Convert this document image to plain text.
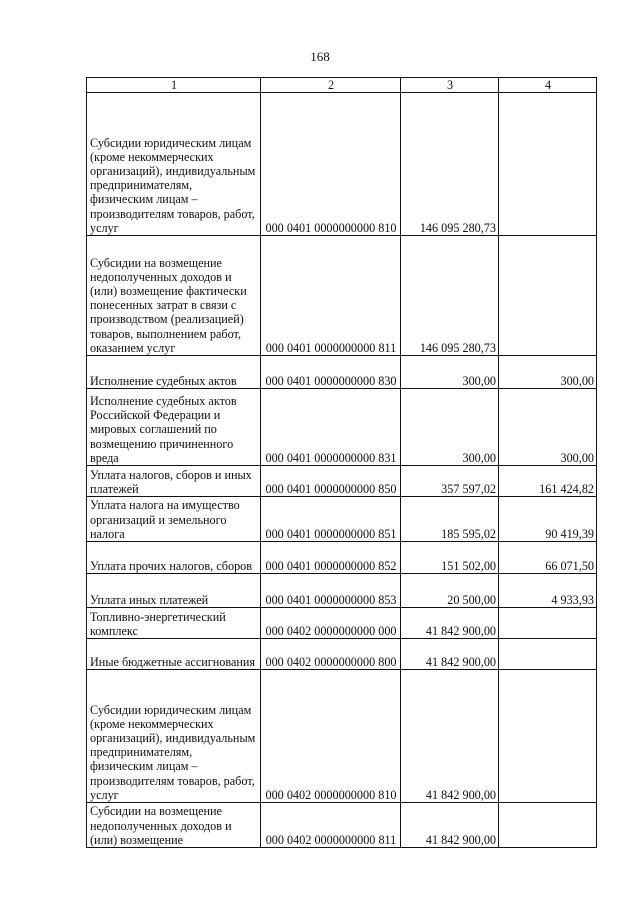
168
1	2	3	4
Субсидии юридическим лицам (кроме некоммерческих организаций), индивидуальным предпринимателям, физическим лицам – производителям товаров, работ, услуг	000 0401 0000000000 810	146 095 280,73	
Субсидии на возмещение недополученных доходов и (или) возмещение фактически понесенных затрат в связи с производством (реализацией) товаров, выполнением работ, оказанием услуг	000 0401 0000000000 811	146 095 280,73	
Исполнение судебных актов	000 0401 0000000000 830	300,00	300,00
Исполнение судебных актов Российской Федерации и мировых соглашений по возмещению причиненного вреда	000 0401 0000000000 831	300,00	300,00
Уплата налогов, сборов и иных платежей	000 0401 0000000000 850	357 597,02	161 424,82
Уплата налога на имущество организаций и земельного налога	000 0401 0000000000 851	185 595,02	90 419,39
Уплата прочих налогов, сборов	000 0401 0000000000 852	151 502,00	66 071,50
Уплата иных платежей	000 0401 0000000000 853	20 500,00	4 933,93
Топливно-энергетический комплекс	000 0402 0000000000 000	41 842 900,00	
Иные бюджетные ассигнования	000 0402 0000000000 800	41 842 900,00	
Субсидии юридическим лицам (кроме некоммерческих организаций), индивидуальным предпринимателям, физическим лицам – производителям товаров, работ, услуг	000 0402 0000000000 810	41 842 900,00	
Субсидии на возмещение недополученных доходов и (или) возмещение	000 0402 0000000000 811	41 842 900,00	
